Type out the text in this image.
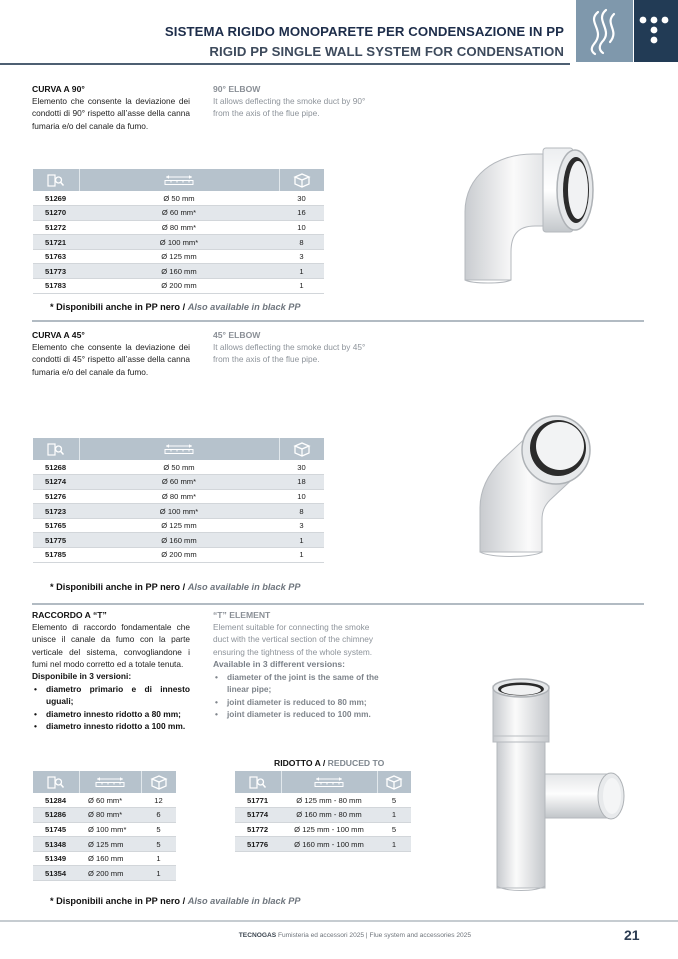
SISTEMA RIGIDO MONOPARETE PER CONDENSAZIONE IN PP
RIGID PP SINGLE WALL SYSTEM FOR CONDENSATION
CURVA A 90°
Elemento che consente la deviazione dei condotti di 90° rispetto all’asse della canna fumaria e/o del canale da fumo.
90° ELBOW
It allows deflecting the smoke duct by 90° from the axis of the flue pipe.

51269	Ø 50 mm	30
51270	Ø 60 mm*	16
51272	Ø 80 mm*	10
51721	Ø 100 mm*	8
51763	Ø 125 mm	3
51773	Ø 160 mm	1
51783	Ø 200 mm	1
* Disponibili anche in PP nero / Also available in black PP
CURVA A 45°
Elemento che consente la deviazione dei condotti di 45° rispetto all’asse della canna fumaria e/o del canale da fumo.
45° ELBOW
It allows deflecting the smoke duct by 45° from the axis of the flue pipe.

51268	Ø 50 mm	30
51274	Ø 60 mm*	18
51276	Ø 80 mm*	10
51723	Ø 100 mm*	8
51765	Ø 125 mm	3
51775	Ø 160 mm	1
51785	Ø 200 mm	1
* Disponibili anche in PP nero / Also available in black PP
RACCORDO A “T”
Elemento di raccordo fondamentale che unisce il canale da fumo con la parte verticale del sistema, convogliandone i fumi nel modo corretto ed a totale tenuta.
Disponibile in 3 versioni:
• diametro primario e di innesto uguali;
• diametro innesto ridotto a 80 mm;
• diametro innesto ridotto a 100 mm.
“T” ELEMENT
Element suitable for connecting the smoke duct with the vertical section of the chimney ensuring the tightness of the whole system.
Available in 3 different versions:
• diameter of the joint is the same of the linear pipe;
• joint diameter is reduced to 80 mm;
• joint diameter is reduced to 100 mm.

51284	Ø 60 mm*	12
51286	Ø 80 mm*	6
51745	Ø 100 mm*	5
51348	Ø 125 mm	5
51349	Ø 160 mm	1
51354	Ø 200 mm	1
RIDOTTO A / REDUCED TO

51771	Ø 125 mm - 80 mm	5
51774	Ø 160 mm - 80 mm	1
51772	Ø 125 mm - 100 mm	5
51776	Ø 160 mm - 100 mm	1
* Disponibili anche in PP nero / Also available in black PP
TECNOGAS Fumisteria ed accessori 2025 | Flue system and accessories 2025	21
